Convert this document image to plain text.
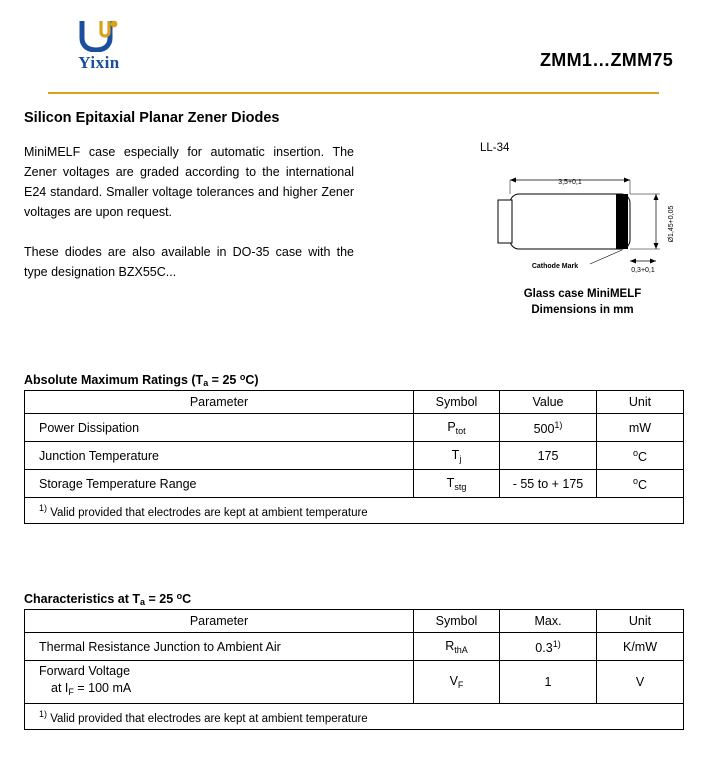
Yixin	ZMM1…ZMM75
Silicon Epitaxial Planar Zener Diodes

MiniMELF case especially for automatic insertion. The Zener voltages are graded according to the international E24 standard. Smaller voltage tolerances and higher Zener voltages are upon request.

These diodes are also available in DO-35 case with the type designation BZX55C...

LL-34
3,5+0,1
Ø1,45+0,05
0,3+0,1
Cathode Mark
Glass case MiniMELF
Dimensions in mm
Absolute Maximum Ratings ($T_a = 25$ $^o$C)
Parameter	Symbol	Value	Unit
Power Dissipation	$P_{tot}$	500$^{1)}$	mW
Junction Temperature	$T_j$	175	$^o$C
Storage Temperature Range	$T_{stg}$	- 55 to + 175	$^o$C
$^{1)}$ Valid provided that electrodes are kept at ambient temperature			
Characteristics at $T_a = 25$ $^o$C
Parameter	Symbol	Max.	Unit
Thermal Resistance Junction to Ambient Air	$R_{thA}$	0.3$^{1)}$	K/mW
Forward Voltage
at $I_F = 100$ mA	$V_F$	1	V
$^{1)}$ Valid provided that electrodes are kept at ambient temperature			
